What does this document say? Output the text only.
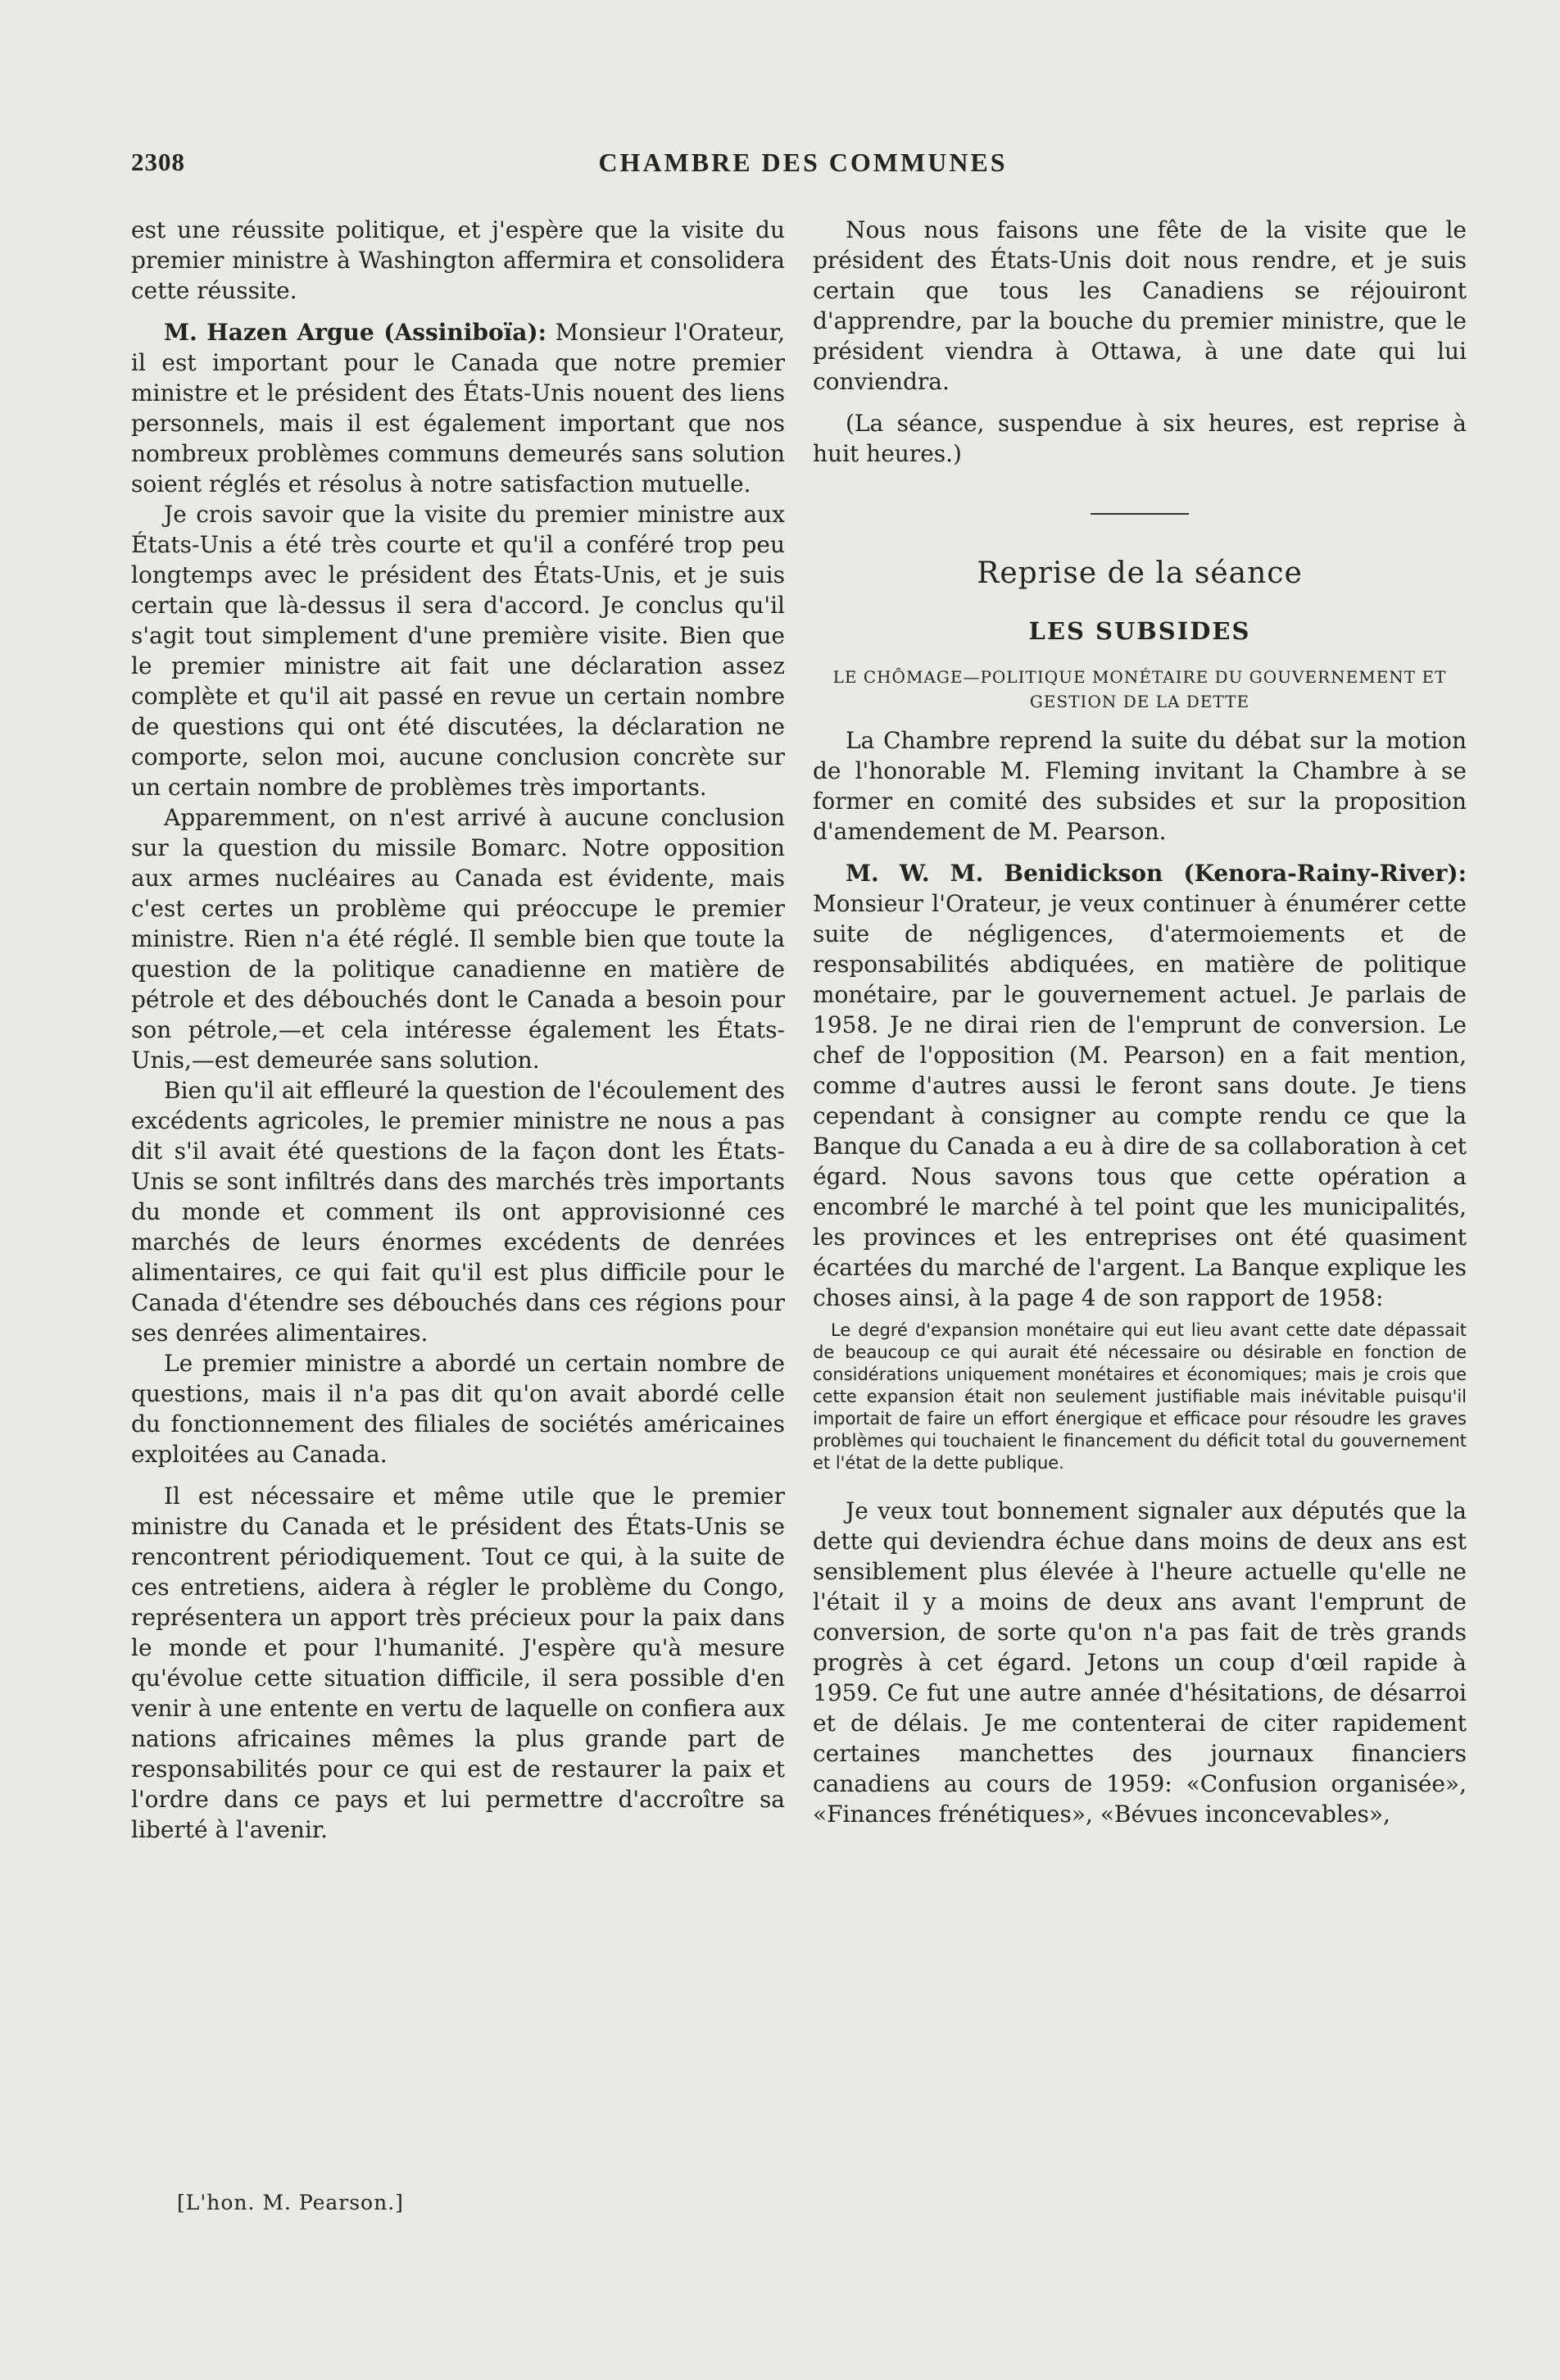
2308	CHAMBRE DES COMMUNES

est une réussite politique, et j'espère que la visite du premier ministre à Washington affermira et consolidera cette réussite.

M. Hazen Argue (Assiniboïa): Monsieur l'Orateur, il est important pour le Canada que notre premier ministre et le président des États-Unis nouent des liens personnels, mais il est également important que nos nombreux problèmes communs demeurés sans solution soient réglés et résolus à notre satisfaction mutuelle.

Je crois savoir que la visite du premier ministre aux États-Unis a été très courte et qu'il a conféré trop peu longtemps avec le président des États-Unis, et je suis certain que là-dessus il sera d'accord. Je conclus qu'il s'agit tout simplement d'une première visite. Bien que le premier ministre ait fait une déclaration assez complète et qu'il ait passé en revue un certain nombre de questions qui ont été discutées, la déclaration ne comporte, selon moi, aucune conclusion concrète sur un certain nombre de problèmes très importants.

Apparemment, on n'est arrivé à aucune conclusion sur la question du missile Bomarc. Notre opposition aux armes nucléaires au Canada est évidente, mais c'est certes un problème qui préoccupe le premier ministre. Rien n'a été réglé. Il semble bien que toute la question de la politique canadienne en matière de pétrole et des débouchés dont le Canada a besoin pour son pétrole,—et cela intéresse également les États-Unis,—est demeurée sans solution.

Bien qu'il ait effleuré la question de l'écoulement des excédents agricoles, le premier ministre ne nous a pas dit s'il avait été questions de la façon dont les États-Unis se sont infiltrés dans des marchés très importants du monde et comment ils ont approvisionné ces marchés de leurs énormes excédents de denrées alimentaires, ce qui fait qu'il est plus difficile pour le Canada d'étendre ses débouchés dans ces régions pour ses denrées alimentaires.

Le premier ministre a abordé un certain nombre de questions, mais il n'a pas dit qu'on avait abordé celle du fonctionnement des filiales de sociétés américaines exploitées au Canada.

Il est nécessaire et même utile que le premier ministre du Canada et le président des États-Unis se rencontrent périodiquement. Tout ce qui, à la suite de ces entretiens, aidera à régler le problème du Congo, représentera un apport très précieux pour la paix dans le monde et pour l'humanité. J'espère qu'à mesure qu'évolue cette situation difficile, il sera possible d'en venir à une entente en vertu de laquelle on confiera aux nations africaines mêmes la plus grande part de responsabilités pour ce qui est de restaurer la paix et l'ordre dans ce pays et lui permettre d'accroître sa liberté à l'avenir.

[L'hon. M. Pearson.]

Nous nous faisons une fête de la visite que le président des États-Unis doit nous rendre, et je suis certain que tous les Canadiens se réjouiront d'apprendre, par la bouche du premier ministre, que le président viendra à Ottawa, à une date qui lui conviendra.

(La séance, suspendue à six heures, est reprise à huit heures.)

Reprise de la séance

LES SUBSIDES

LE CHÔMAGE—POLITIQUE MONÉTAIRE DU GOUVERNEMENT ET GESTION DE LA DETTE

La Chambre reprend la suite du débat sur la motion de l'honorable M. Fleming invitant la Chambre à se former en comité des subsides et sur la proposition d'amendement de M. Pearson.

M. W. M. Benidickson (Kenora-Rainy-River): Monsieur l'Orateur, je veux continuer à énumérer cette suite de négligences, d'atermoiements et de responsabilités abdiquées, en matière de politique monétaire, par le gouvernement actuel. Je parlais de 1958. Je ne dirai rien de l'emprunt de conversion. Le chef de l'opposition (M. Pearson) en a fait mention, comme d'autres aussi le feront sans doute. Je tiens cependant à consigner au compte rendu ce que la Banque du Canada a eu à dire de sa collaboration à cet égard. Nous savons tous que cette opération a encombré le marché à tel point que les municipalités, les provinces et les entreprises ont été quasiment écartées du marché de l'argent. La Banque explique les choses ainsi, à la page 4 de son rapport de 1958:

Le degré d'expansion monétaire qui eut lieu avant cette date dépassait de beaucoup ce qui aurait été nécessaire ou désirable en fonction de considérations uniquement monétaires et économiques; mais je crois que cette expansion était non seulement justifiable mais inévitable puisqu'il importait de faire un effort énergique et efficace pour résoudre les graves problèmes qui touchaient le financement du déficit total du gouvernement et l'état de la dette publique.

Je veux tout bonnement signaler aux députés que la dette qui deviendra échue dans moins de deux ans est sensiblement plus élevée à l'heure actuelle qu'elle ne l'était il y a moins de deux ans avant l'emprunt de conversion, de sorte qu'on n'a pas fait de très grands progrès à cet égard. Jetons un coup d'œil rapide à 1959. Ce fut une autre année d'hésitations, de désarroi et de délais. Je me contenterai de citer rapidement certaines manchettes des journaux financiers canadiens au cours de 1959: «Confusion organisée», «Finances frénétiques», «Bévues inconcevables»,
